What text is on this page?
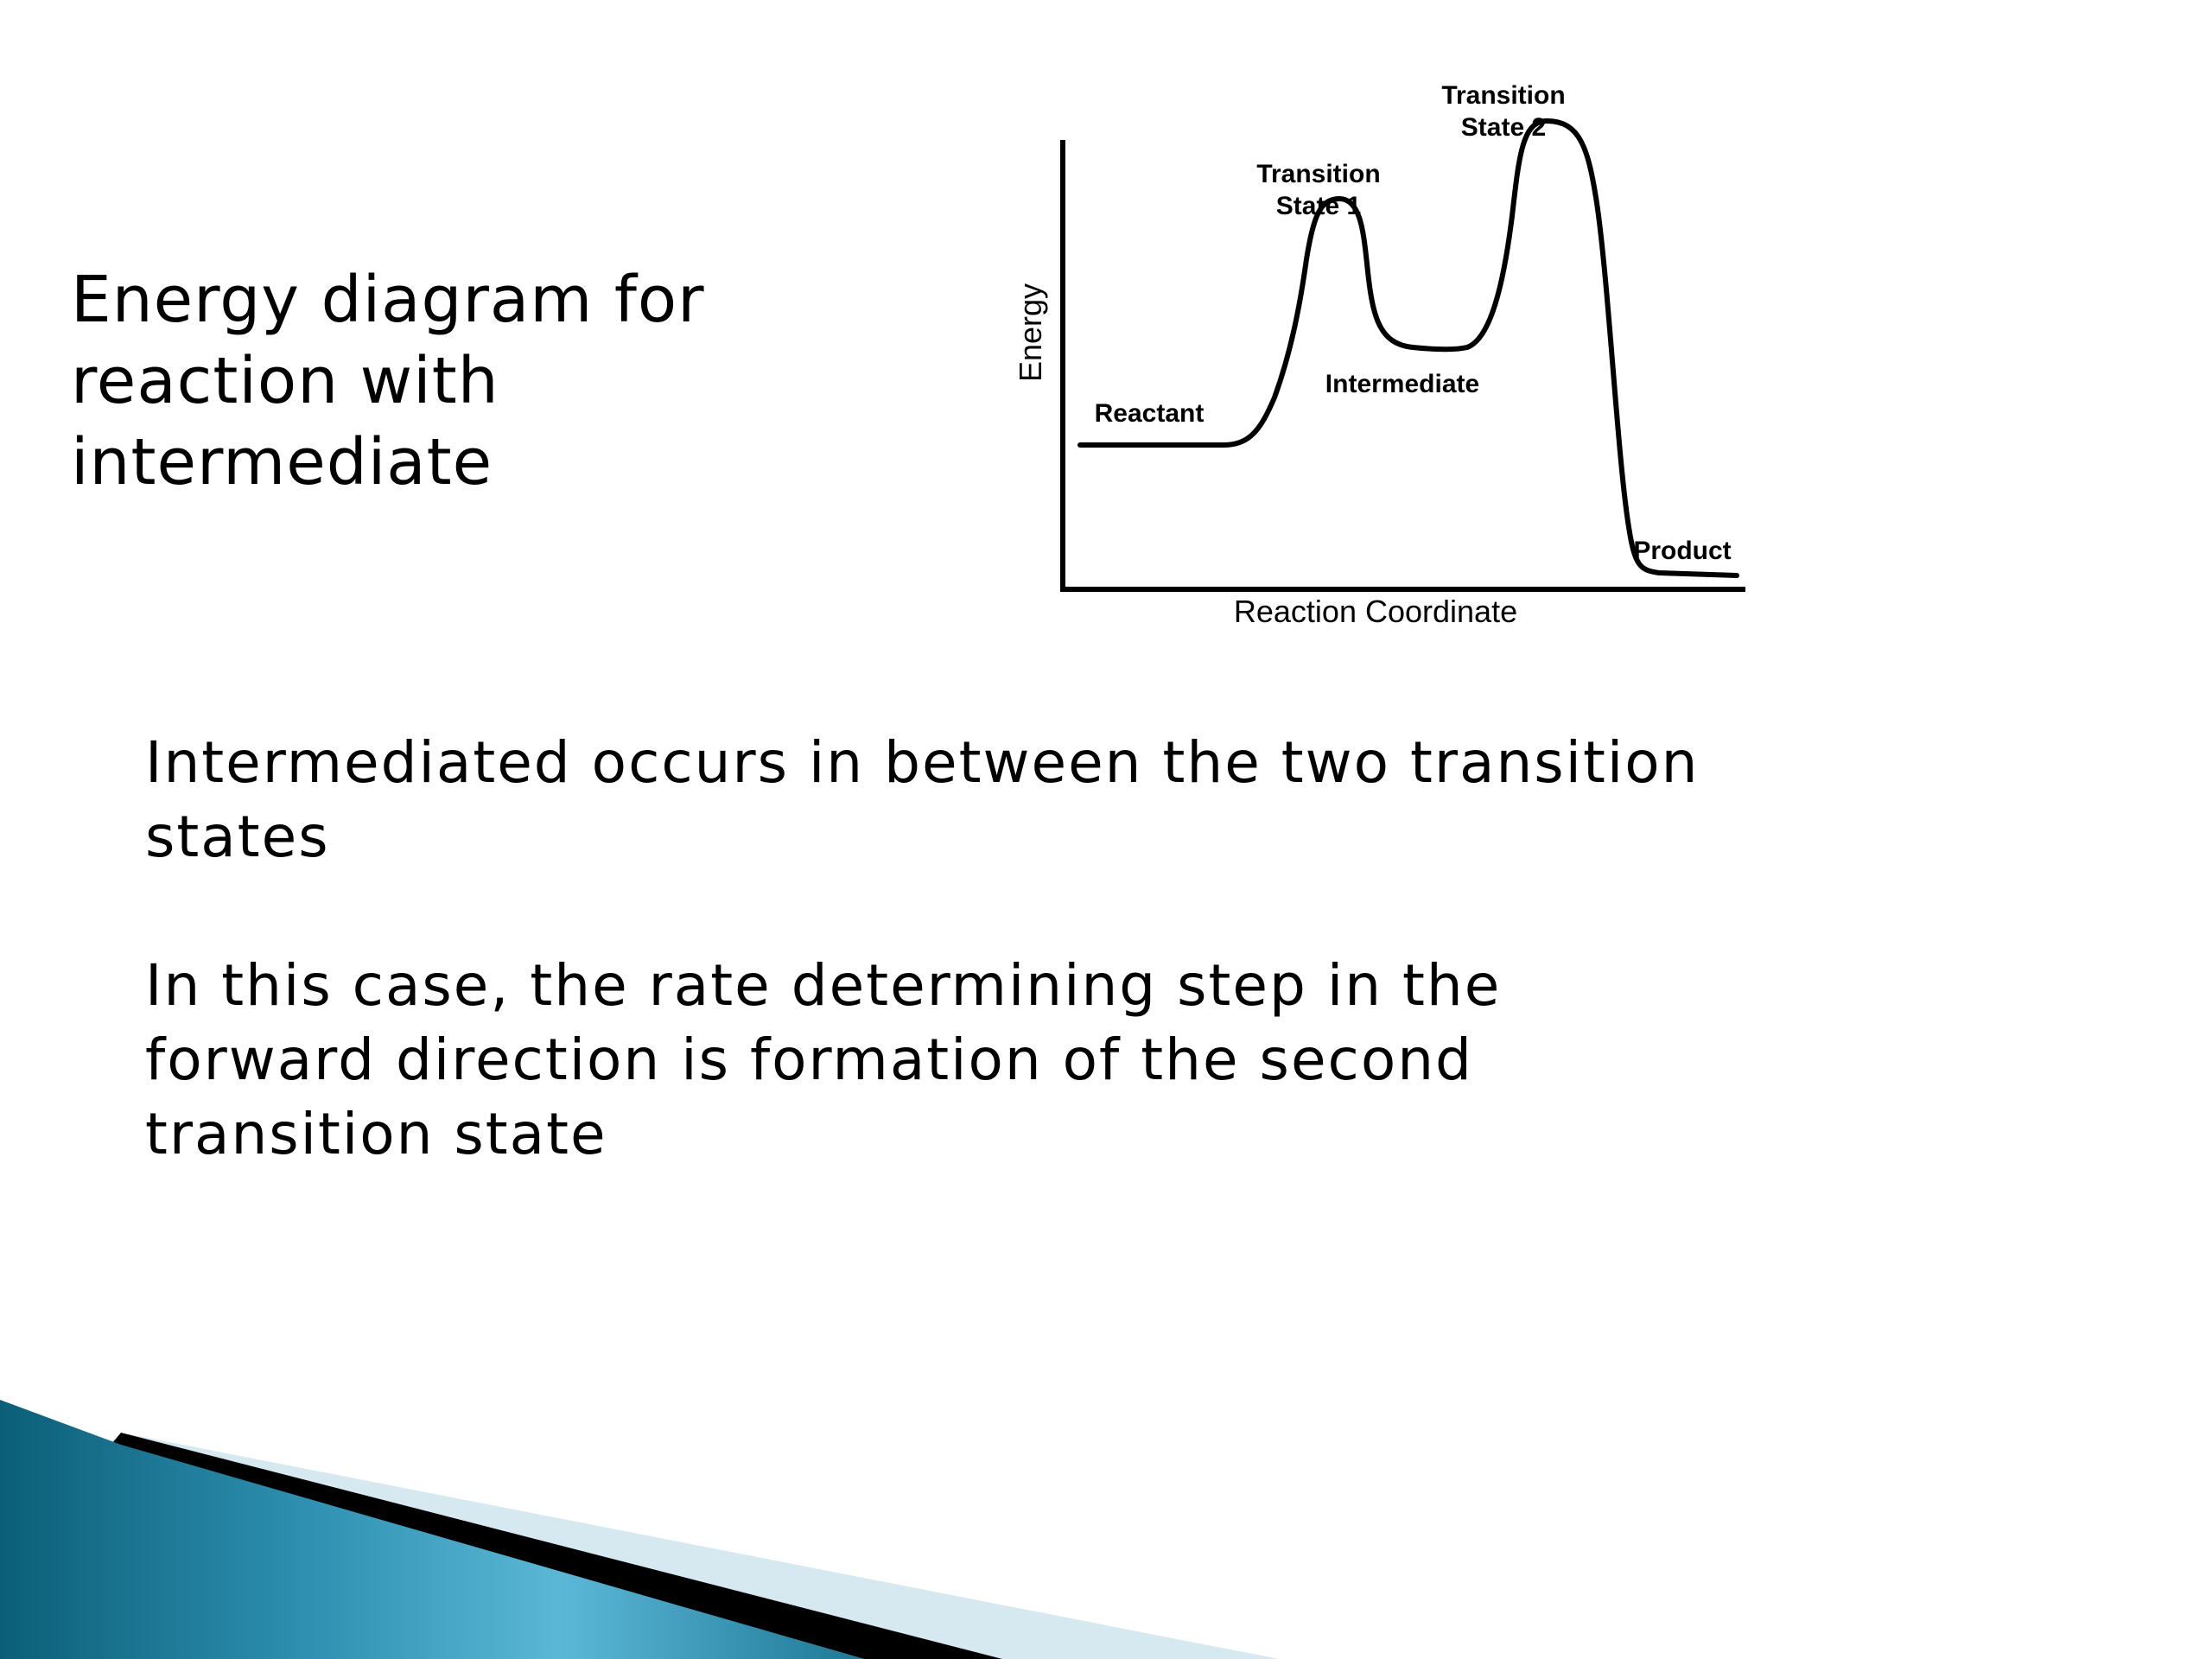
Energy diagram for reaction with intermediate
Reactant
Transition
State 1
Intermediate
Transition
State 2
Product
Reaction Coordinate
Energy

Intermediated occurs in between the two transition states

In this case, the rate determining step in the forward direction is formation of the second transition state
